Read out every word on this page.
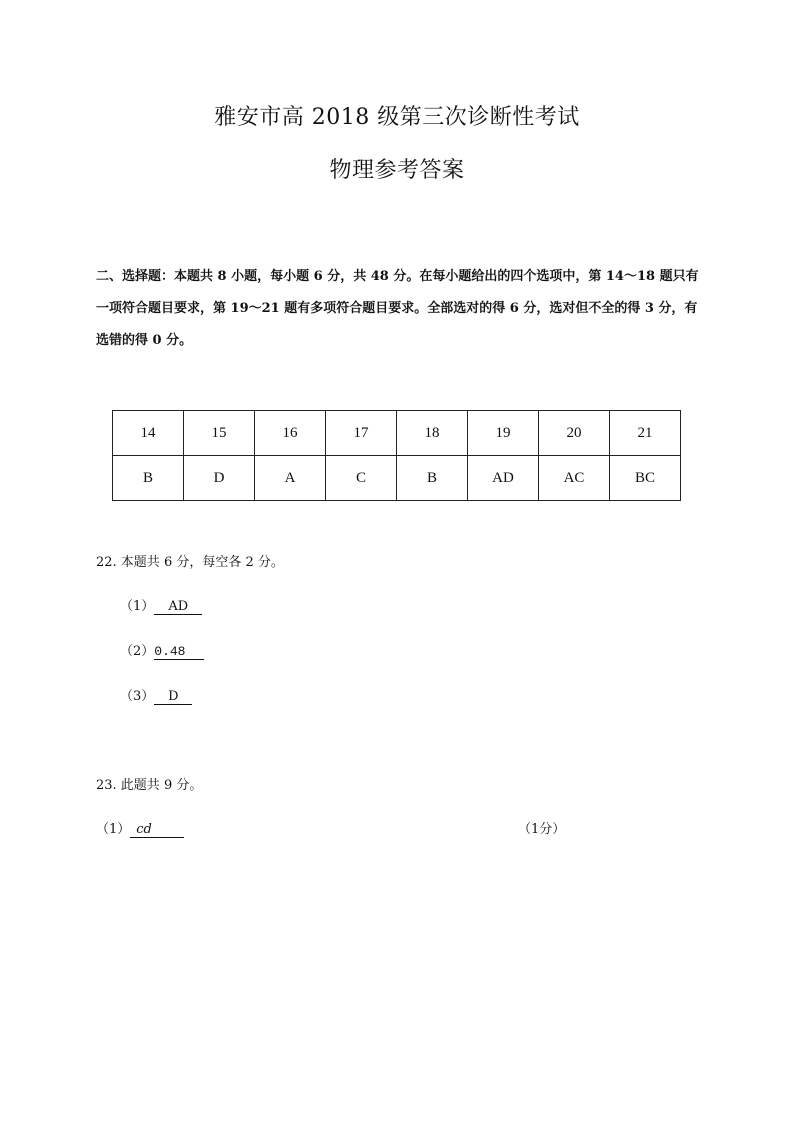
雅安市高 2018 级第三次诊断性考试
物理参考答案

二、选择题：本题共 8 小题，每小题 6 分，共 48 分。在每小题给出的四个选项中，第 14～18 题只有一项符合题目要求，第 19～21 题有多项符合题目要求。全部选对的得 6 分，选对但不全的得 3 分，有选错的得 0 分。

14	15	16	17	18	19	20	21
B	D	A	C	B	AD	AC	BC

22. 本题共 6 分，每空各 2 分。

（1） AD

（2）0.48

（3） D

23. 此题共 9 分。

（1） cd	（1分）
